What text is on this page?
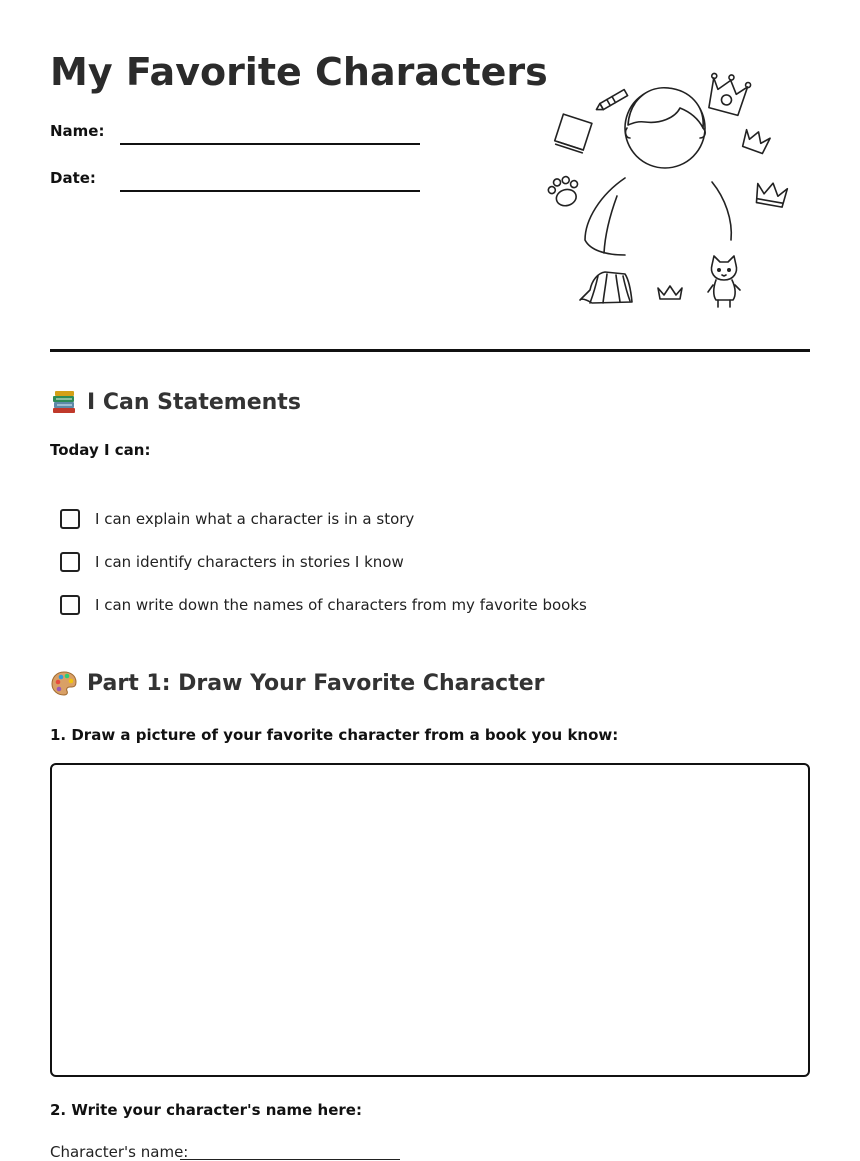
My Favorite Characters
Name:
Date:
I Can Statements
Today I can:
I can explain what a character is in a story
I can identify characters in stories I know
I can write down the names of characters from my favorite books
Part 1: Draw Your Favorite Character
1. Draw a picture of your favorite character from a book you know:
2. Write your character's name here:
Character's name:
